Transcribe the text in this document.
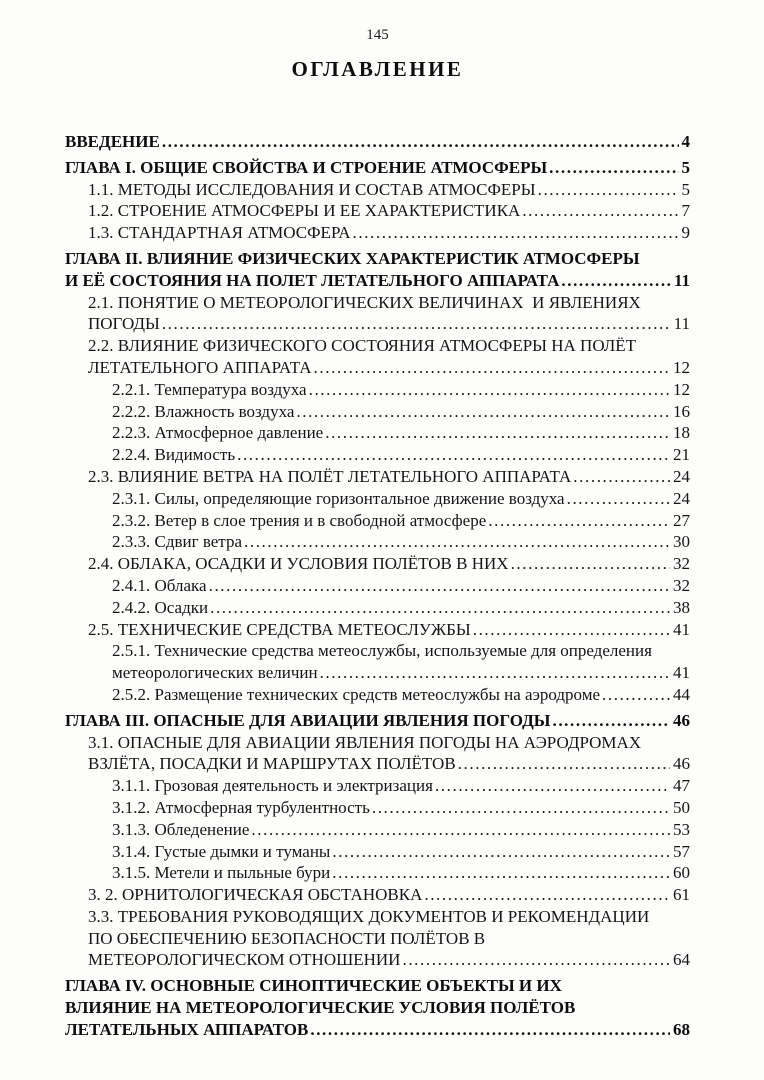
145
ОГЛАВЛЕНИЕ
ВВЕДЕНИЕ .....	4
ГЛАВА I. ОБЩИЕ СВОЙСТВА И СТРОЕНИЕ АТМОСФЕРЫ .....	5
1.1. МЕТОДЫ ИССЛЕДОВАНИЯ И СОСТАВ АТМОСФЕРЫ .....	5
1.2. СТРОЕНИЕ АТМОСФЕРЫ И ЕЕ ХАРАКТЕРИСТИКА .....	7
1.3. СТАНДАРТНАЯ АТМОСФЕРА .....	9
ГЛАВА II. ВЛИЯНИЕ ФИЗИЧЕСКИХ ХАРАКТЕРИСТИК АТМОСФЕРЫ
И ЕЁ СОСТОЯНИЯ НА ПОЛЕТ ЛЕТАТЕЛЬНОГО АППАРАТА .....	11
2.1. ПОНЯТИЕ О МЕТЕОРОЛОГИЧЕСКИХ ВЕЛИЧИНАХ  И ЯВЛЕНИЯХ
ПОГОДЫ .....	11
2.2. ВЛИЯНИЕ ФИЗИЧЕСКОГО СОСТОЯНИЯ АТМОСФЕРЫ НА ПОЛЁТ
ЛЕТАТЕЛЬНОГО АППАРАТА .....	12
2.2.1. Температура воздуха .....	12
2.2.2. Влажность воздуха .....	16
2.2.3. Атмосферное давление .....	18
2.2.4. Видимость .....	21
2.3. ВЛИЯНИЕ ВЕТРА НА ПОЛЁТ ЛЕТАТЕЛЬНОГО АППАРАТА .....	24
2.3.1. Силы, определяющие горизонтальное движение воздуха .....	24
2.3.2. Ветер в слое трения и в свободной атмосфере .....	27
2.3.3. Сдвиг ветра .....	30
2.4. ОБЛАКА, ОСАДКИ И УСЛОВИЯ ПОЛЁТОВ В НИХ .....	32
2.4.1. Облака .....	32
2.4.2. Осадки .....	38
2.5. ТЕХНИЧЕСКИЕ СРЕДСТВА МЕТЕОСЛУЖБЫ .....	41
2.5.1. Технические средства метеослужбы, используемые для определения
метеорологических величин .....	41
2.5.2. Размещение технических средств метеослужбы на аэродроме .....	44
ГЛАВА III. ОПАСНЫЕ ДЛЯ АВИАЦИИ ЯВЛЕНИЯ ПОГОДЫ .....	46
3.1. ОПАСНЫЕ ДЛЯ АВИАЦИИ ЯВЛЕНИЯ ПОГОДЫ НА АЭРОДРОМАХ
ВЗЛЁТА, ПОСАДКИ И МАРШРУТАХ ПОЛЁТОВ .....	46
3.1.1. Грозовая деятельность и электризация .....	47
3.1.2. Атмосферная турбулентность .....	50
3.1.3. Обледенение .....	53
3.1.4. Густые дымки и туманы .....	57
3.1.5. Метели и пыльные бури .....	60
3. 2. ОРНИТОЛОГИЧЕСКАЯ ОБСТАНОВКА .....	61
3.3. ТРЕБОВАНИЯ РУКОВОДЯЩИХ ДОКУМЕНТОВ И РЕКОМЕНДАЦИИ
ПО ОБЕСПЕЧЕНИЮ БЕЗОПАСНОСТИ ПОЛЁТОВ В
МЕТЕОРОЛОГИЧЕСКОМ ОТНОШЕНИИ .....	64
ГЛАВА IV. ОСНОВНЫЕ СИНОПТИЧЕСКИЕ ОБЪЕКТЫ И ИХ
ВЛИЯНИЕ НА МЕТЕОРОЛОГИЧЕСКИЕ УСЛОВИЯ ПОЛЁТОВ
ЛЕТАТЕЛЬНЫХ АППАРАТОВ .....	68
